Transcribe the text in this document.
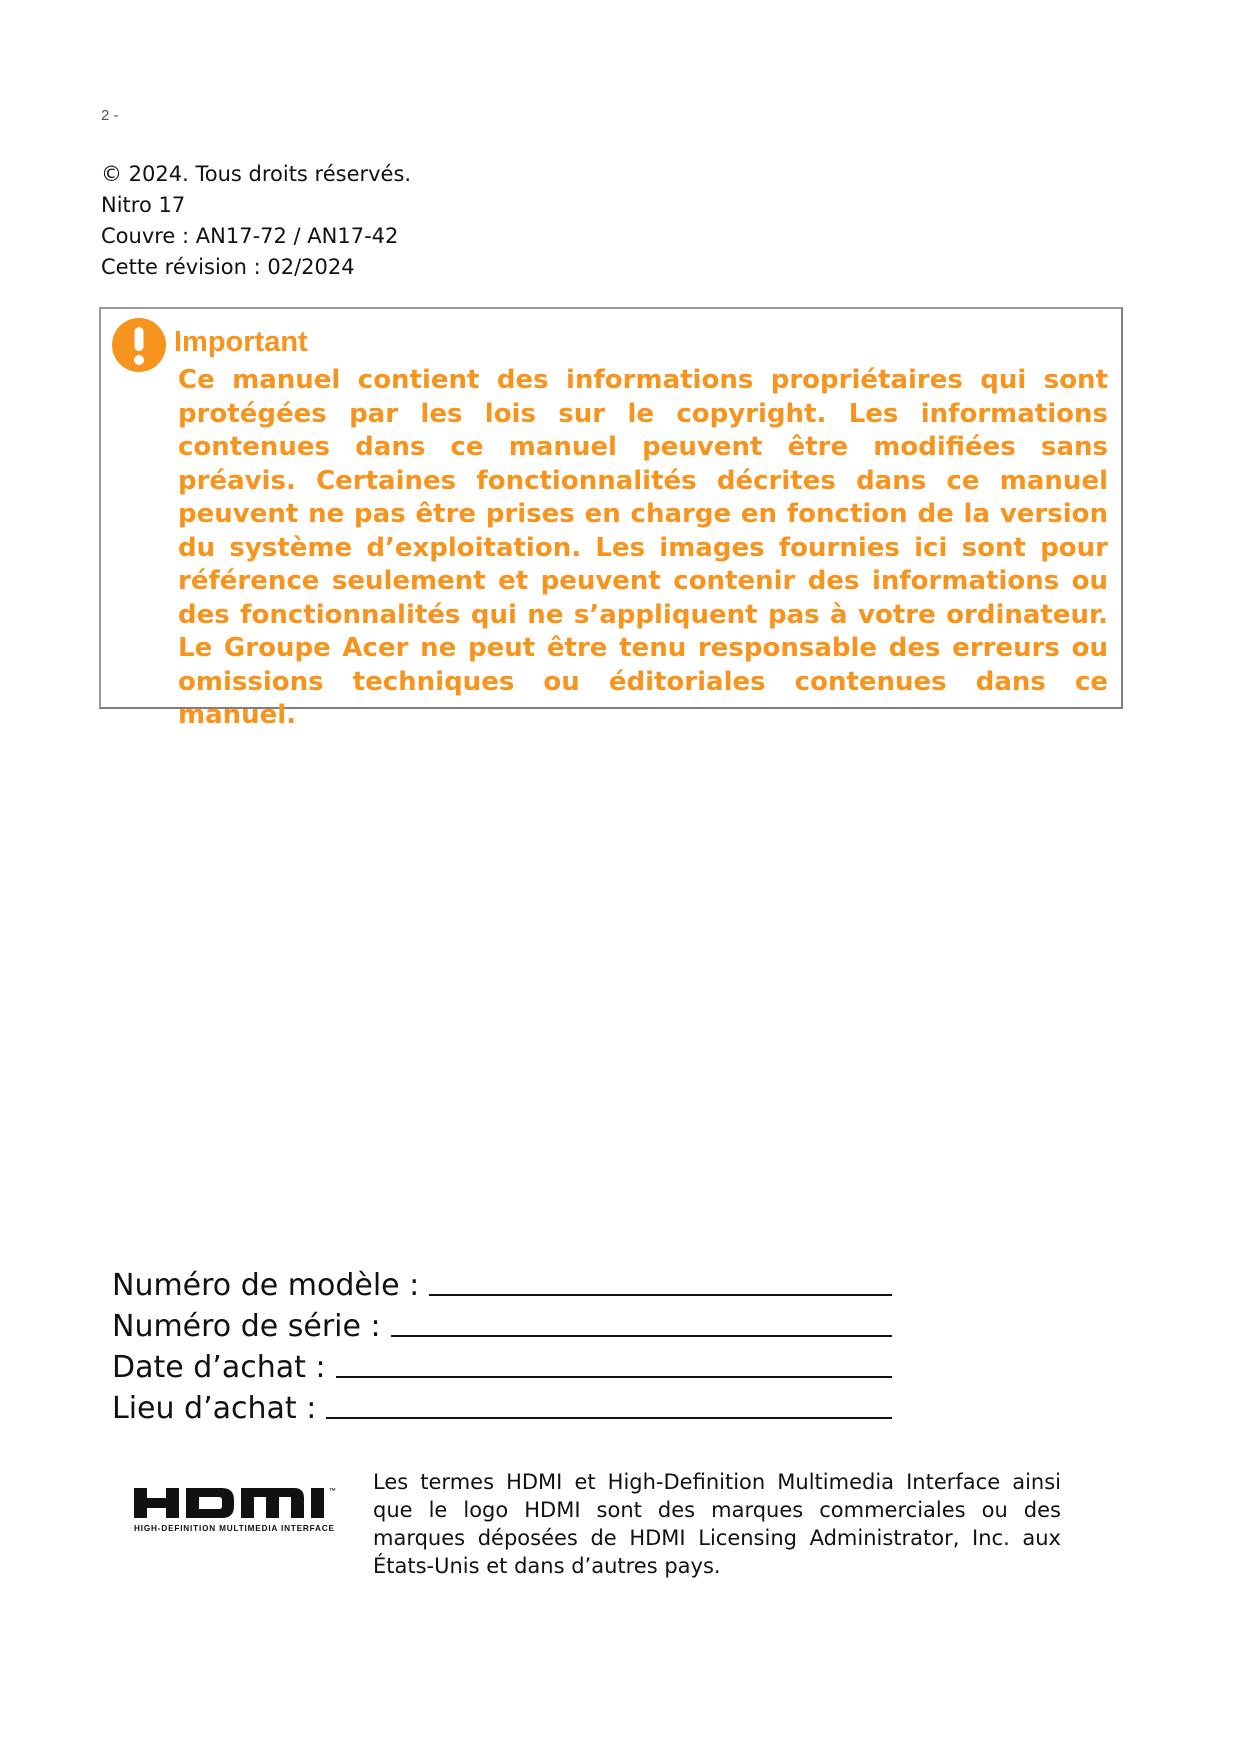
2 -
© 2024. Tous droits réservés.
Nitro 17
Couvre : AN17-72 / AN17-42
Cette révision : 02/2024
Important
Ce manuel contient des informations propriétaires qui sont protégées par les lois sur le copyright. Les informations contenues dans ce manuel peuvent être modifiées sans préavis. Certaines fonctionnalités décrites dans ce manuel peuvent ne pas être prises en charge en fonction de la version du système d’exploitation. Les images fournies ici sont pour référence seulement et peuvent contenir des informations ou des fonctionnalités qui ne s’appliquent pas à votre ordinateur. Le Groupe Acer ne peut être tenu responsable des erreurs ou omissions techniques ou éditoriales contenues dans ce manuel.
Numéro de modèle :
Numéro de série :
Date d’achat :
Lieu d’achat :
™
HIGH-DEFINITION MULTIMEDIA INTERFACE
Les termes HDMI et High-Definition Multimedia Interface ainsi que le logo HDMI sont des marques commerciales ou des marques déposées de HDMI Licensing Administrator, Inc. aux États-Unis et dans d’autres pays.
